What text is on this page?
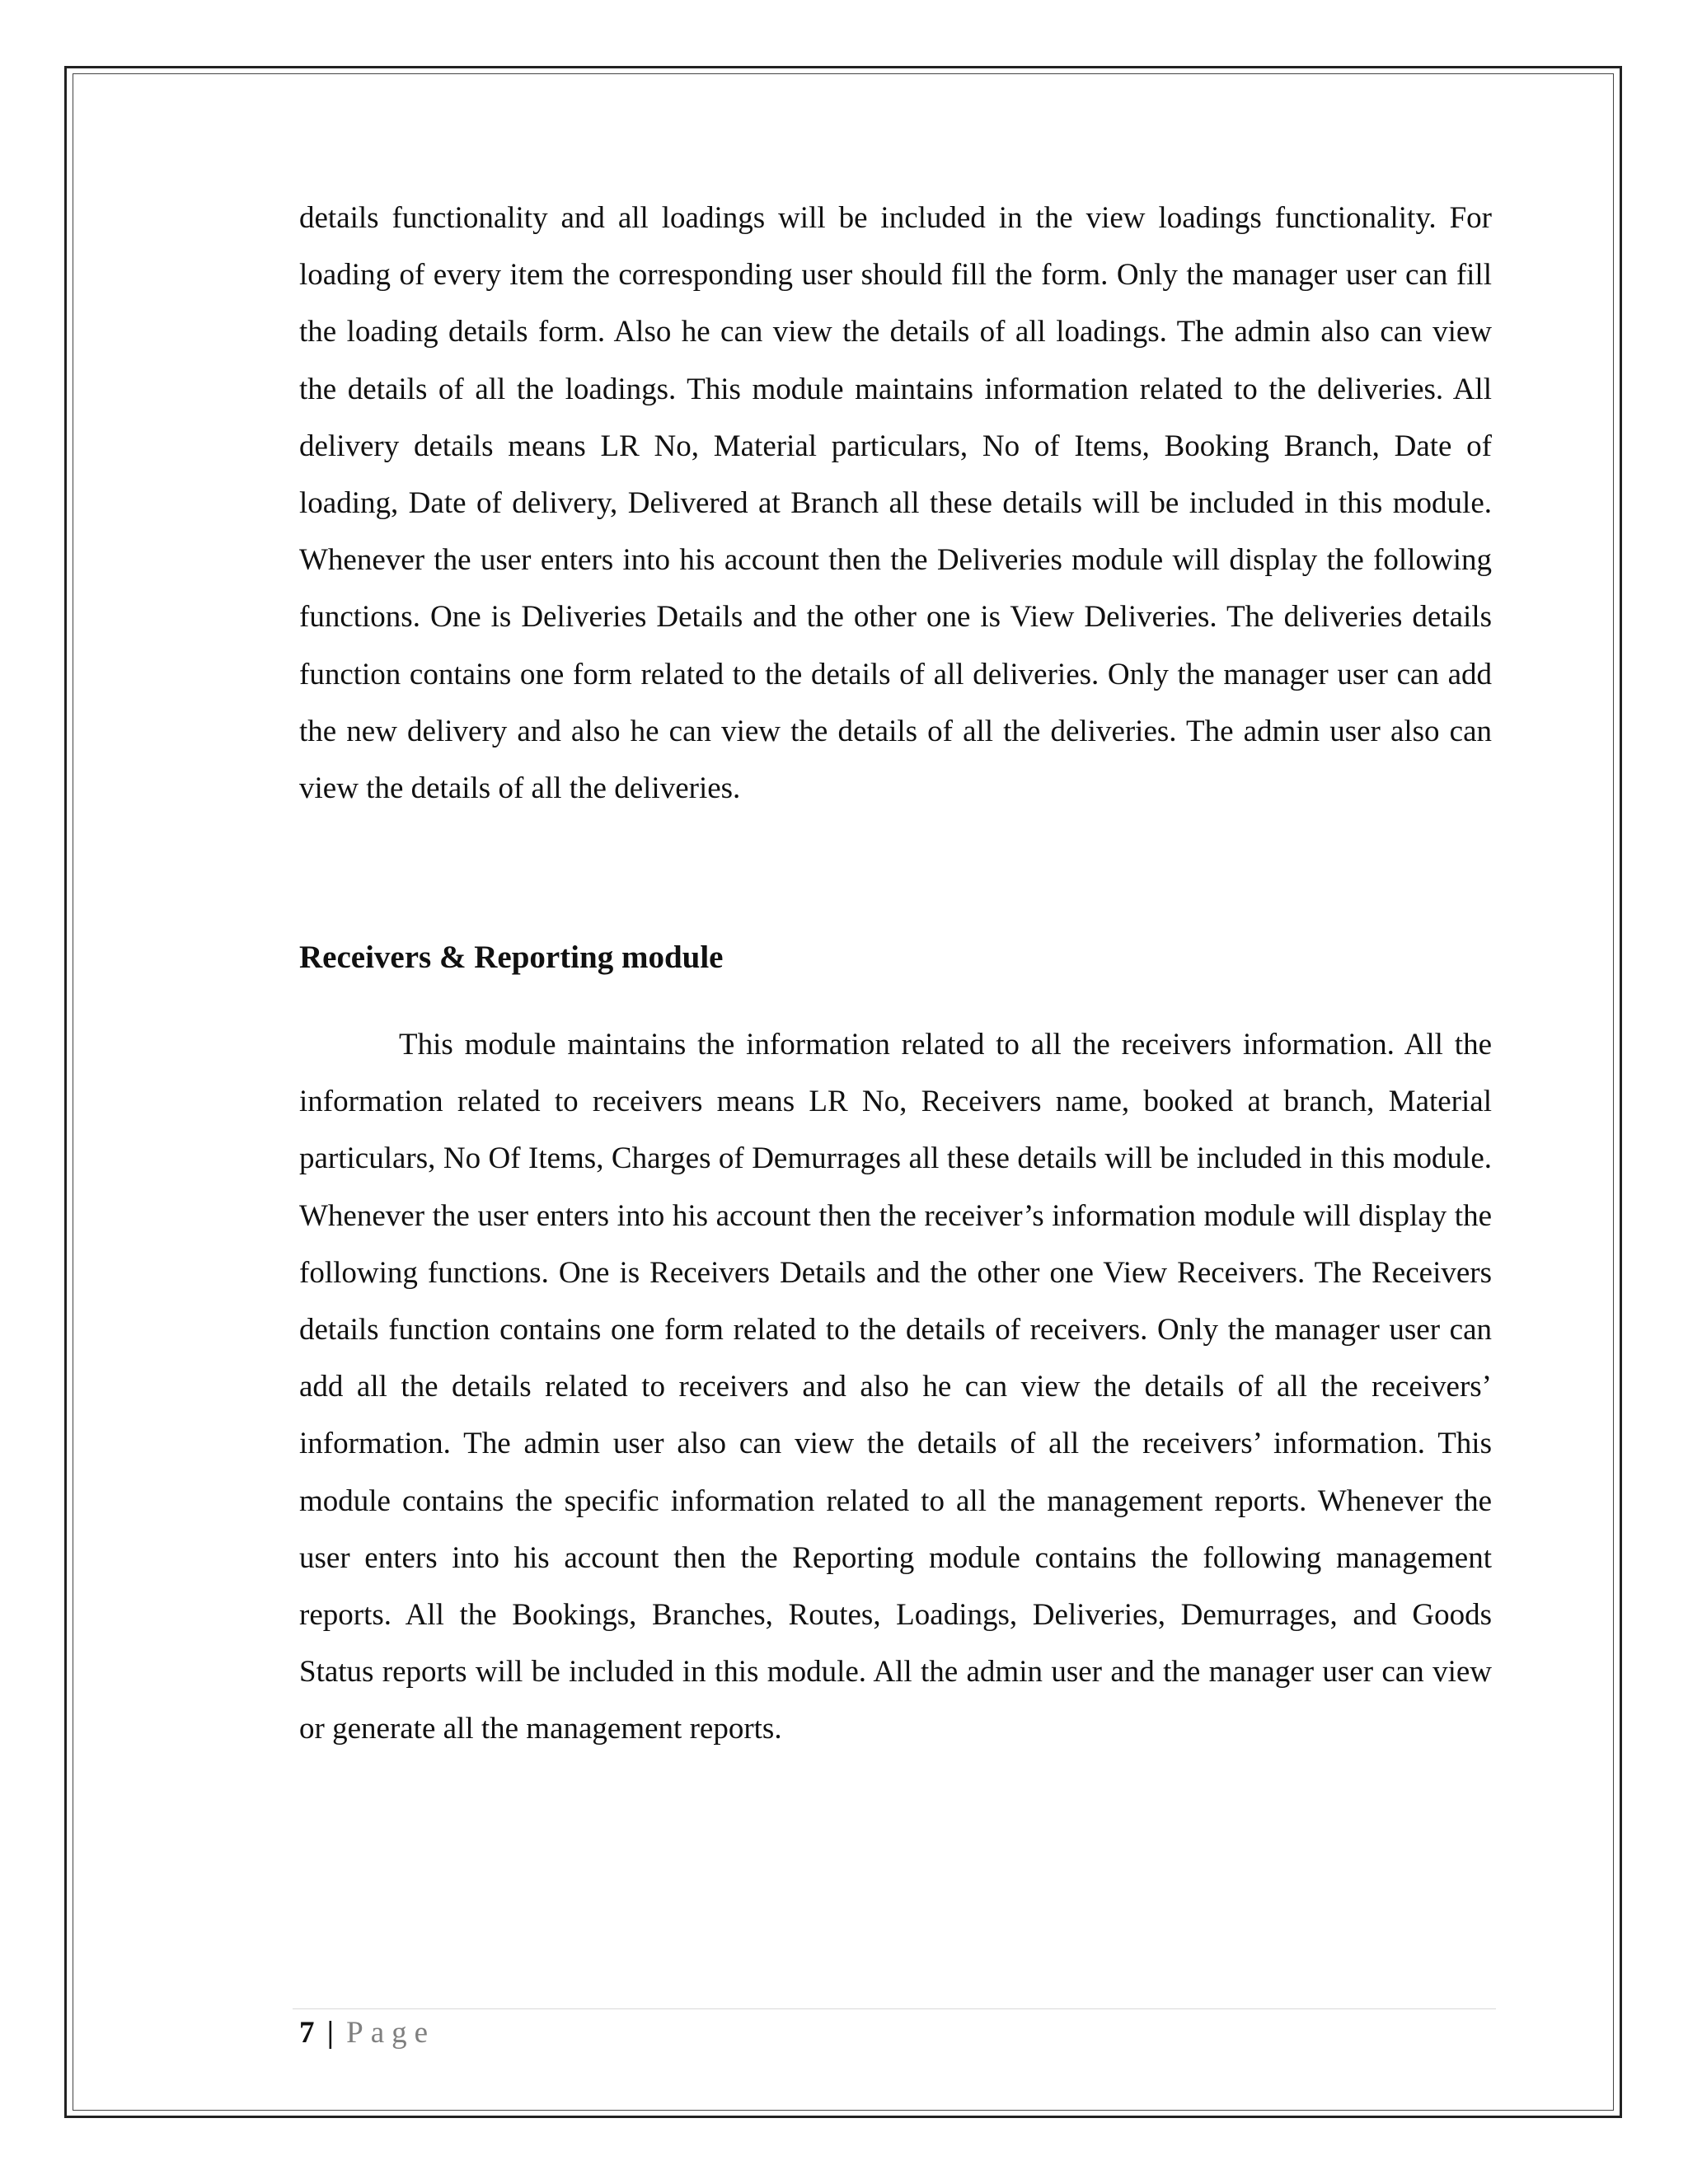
details functionality and all loadings will be included in the view loadings functionality. For loading of every item the corresponding user should fill the form. Only the manager user can fill the loading details form. Also he can view the details of all loadings. The admin also can view the details of all the loadings. This module maintains information related to the deliveries. All delivery details means LR No, Material particulars, No of Items, Booking Branch, Date of loading, Date of delivery, Delivered at Branch all these details will be included in this module. Whenever the user enters into his account then the Deliveries module will display the following functions. One is Deliveries Details and the other one is View Deliveries. The deliveries details function contains one form related to the details of all deliveries. Only the manager user can add the new delivery and also he can view the details of all the deliveries. The admin user also can view the details of all the deliveries.

Receivers & Reporting module

This module maintains the information related to all the receivers information. All the information related to receivers means LR No, Receivers name, booked at branch, Material particulars, No Of Items, Charges of Demurrages all these details will be included in this module. Whenever the user enters into his account then the receiver’s information module will display the following functions. One is Receivers Details and the other one View Receivers. The Receivers details function contains one form related to the details of receivers. Only the manager user can add all the details related to receivers and also he can view the details of all the receivers’ information. The admin user also can view the details of all the receivers’ information. This module contains the specific information related to all the management reports. Whenever the user enters into his account then the Reporting module contains the following management reports. All the Bookings, Branches, Routes, Loadings, Deliveries, Demurrages, and Goods Status reports will be included in this module. All the admin user and the manager user can view or generate all the management reports.

7 | Page
